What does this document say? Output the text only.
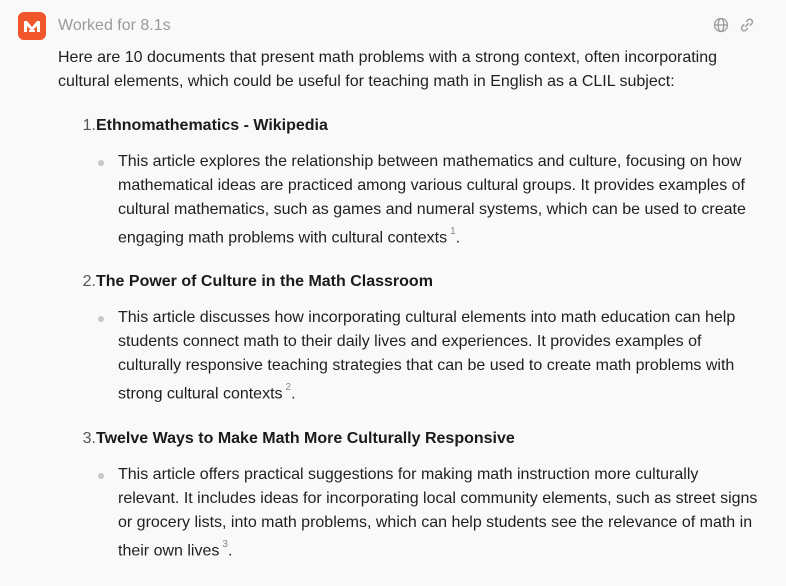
Worked for 8.1s

Here are 10 documents that present math problems with a strong context, often incorporating cultural elements, which could be useful for teaching math in English as a CLIL subject:

1. Ethnomathematics - Wikipedia
This article explores the relationship between mathematics and culture, focusing on how mathematical ideas are practiced among various cultural groups. It provides examples of cultural mathematics, such as games and numeral systems, which can be used to create engaging math problems with cultural contexts $^1$.
2. The Power of Culture in the Math Classroom
This article discusses how incorporating cultural elements into math education can help students connect math to their daily lives and experiences. It provides examples of culturally responsive teaching strategies that can be used to create math problems with strong cultural contexts $^2$.
3. Twelve Ways to Make Math More Culturally Responsive
This article offers practical suggestions for making math instruction more culturally relevant. It includes ideas for incorporating local community elements, such as street signs or grocery lists, into math problems, which can help students see the relevance of math in their own lives $^3$.
